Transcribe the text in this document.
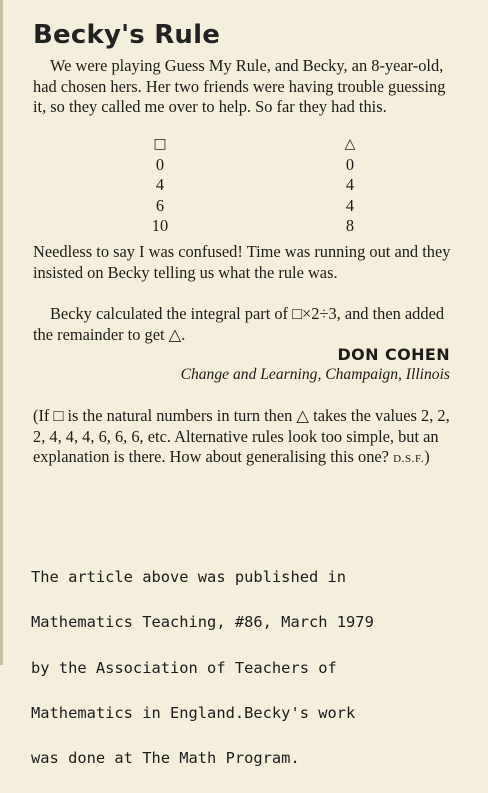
Becky's Rule

We were playing Guess My Rule, and Becky, an 8-year-old, had chosen hers. Her two friends were having trouble guessing it, so they called me over to help. So far they had this.

□	△
0	0
4	4
6	4
10	8

Needless to say I was confused! Time was running out and they insisted on Becky telling us what the rule was.

Becky calculated the integral part of □×2÷3, and then added the remainder to get △.

DON COHEN
Change and Learning, Champaign, Illinois

(If □ is the natural numbers in turn then △ takes the values 2, 2, 2, 4, 4, 4, 6, 6, 6, etc. Alternative rules look too simple, but an explanation is there. How about generalising this one? D.S.F.)

The article above was published in

Mathematics Teaching, #86, March 1979

by the Association of Teachers of

Mathematics in England.Becky's work

was done at The Math Program.
